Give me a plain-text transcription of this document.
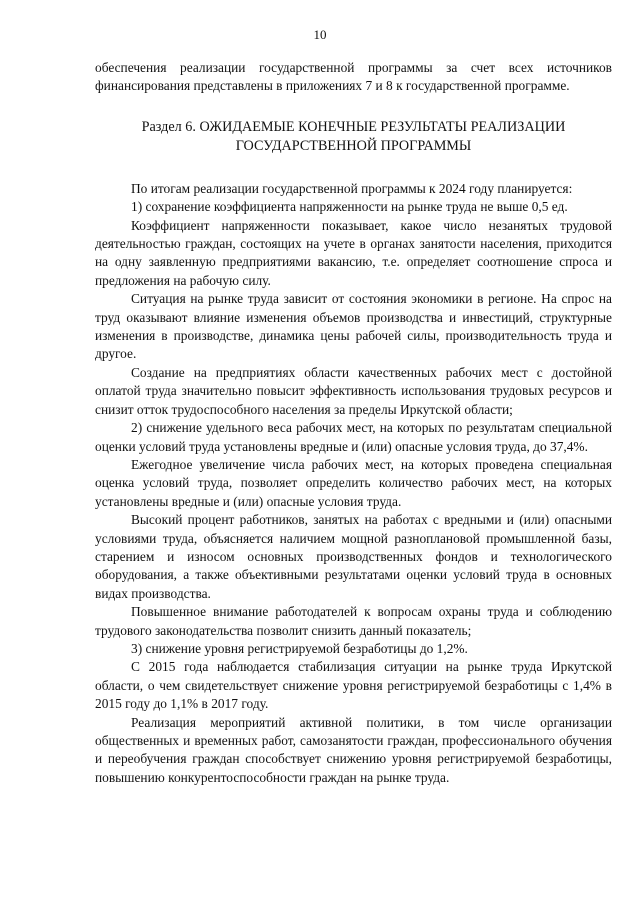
10

обеспечения реализации государственной программы за счет всех источников финансирования представлены в приложениях 7 и 8 к государственной программе.

Раздел 6. ОЖИДАЕМЫЕ КОНЕЧНЫЕ РЕЗУЛЬТАТЫ РЕАЛИЗАЦИИ
ГОСУДАРСТВЕННОЙ ПРОГРАММЫ

По итогам реализации государственной программы к 2024 году планируется:

1) сохранение коэффициента напряженности на рынке труда не выше 0,5 ед.

Коэффициент напряженности показывает, какое число незанятых трудовой деятельностью граждан, состоящих на учете в органах занятости населения, приходится на одну заявленную предприятиями вакансию, т.е. определяет соотношение спроса и предложения на рабочую силу.

Ситуация на рынке труда зависит от состояния экономики в регионе. На спрос на труд оказывают влияние изменения объемов производства и инвестиций, структурные изменения в производстве, динамика цены рабочей силы, производительность труда и другое.

Создание на предприятиях области качественных рабочих мест с достойной оплатой труда значительно повысит эффективность использования трудовых ресурсов и снизит отток трудоспособного населения за пределы Иркутской области;

2) снижение удельного веса рабочих мест, на которых по результатам специальной оценки условий труда установлены вредные и (или) опасные условия труда, до 37,4%.

Ежегодное увеличение числа рабочих мест, на которых проведена специальная оценка условий труда, позволяет определить количество рабочих мест, на которых установлены вредные и (или) опасные условия труда.

Высокий процент работников, занятых на работах с вредными и (или) опасными условиями труда, объясняется наличием мощной разноплановой промышленной базы, старением и износом основных производственных фондов и технологического оборудования, а также объективными результатами оценки условий труда в основных видах производства.

Повышенное внимание работодателей к вопросам охраны труда и соблюдению трудового законодательства позволит снизить данный показатель;

3) снижение уровня регистрируемой безработицы до 1,2%.

С 2015 года наблюдается стабилизация ситуации на рынке труда Иркутской области, о чем свидетельствует снижение уровня регистрируемой безработицы с 1,4% в 2015 году до 1,1% в 2017 году.

Реализация мероприятий активной политики, в том числе организации общественных и временных работ, самозанятости граждан, профессионального обучения и переобучения граждан способствует снижению уровня регистрируемой безработицы, повышению конкурентоспособности граждан на рынке труда.
